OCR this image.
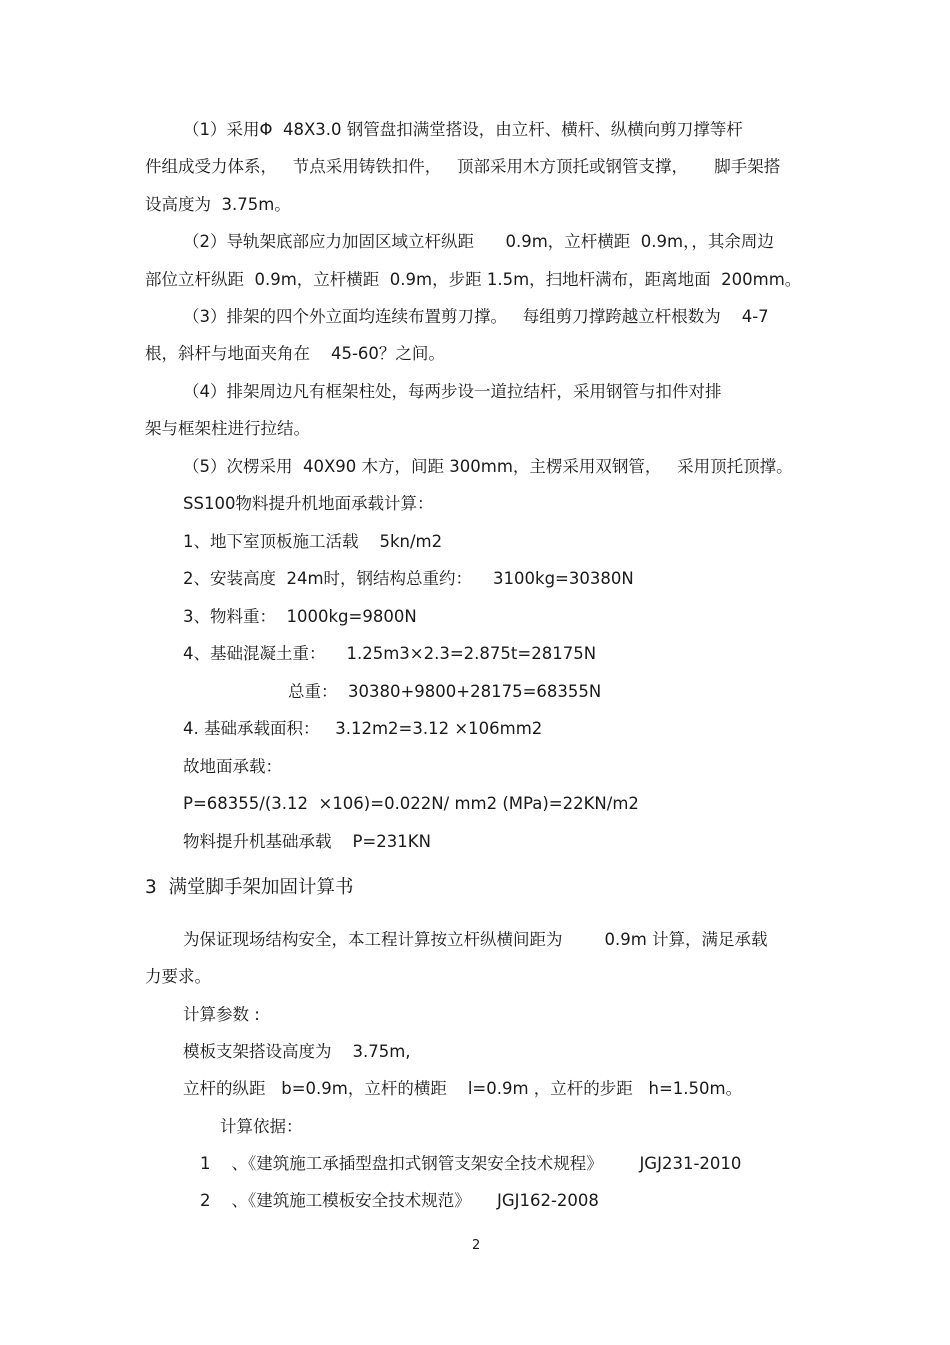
（1）采用Φ  48X3.0 钢管盘扣满堂搭设，由立杆、横杆、纵横向剪刀撑等杆
件组成受力体系，   节点采用铸铁扣件，   顶部采用木方顶托或钢管支撑，     脚手架搭
设高度为  3.75m。
（2）导轨架底部应力加固区域立杆纵距      0.9m，立杆横距  0.9m，，其余周边
部位立杆纵距  0.9m，立杆横距  0.9m，步距 1.5m，扫地杆满布，距离地面  200mm。
（3）排架的四个外立面均连续布置剪刀撑。   每组剪刀撑跨越立杆根数为    4-7
根，斜杆与地面夹角在    45-60？之间。
（4）排架周边凡有框架柱处，每两步设一道拉结杆，采用钢管与扣件对排
架与框架柱进行拉结。
（5）次楞采用  40X90 木方，间距 300mm，主楞采用双钢管，   采用顶托顶撑。
SS100物料提升机地面承载计算：
1、地下室顶板施工活载    5kn/m2
2、安装高度  24m时，钢结构总重约：    3100kg=30380N
3、物料重：  1000kg=9800N
4、基础混凝土重：    1.25m3×2.3=2.875t=28175N
总重：  30380+9800+28175=68355N
4. 基础承载面积：   3.12m2=3.12 ×106mm2
故地面承载：
P=68355/(3.12  ×106)=0.022N/ mm2 (MPa)=22KN/m2
物料提升机基础承载    P=231KN
3  满堂脚手架加固计算书
为保证现场结构安全，本工程计算按立杆纵横间距为        0.9m 计算，满足承载
力要求。
计算参数 :
模板支架搭设高度为    3.75m,
立杆的纵距   b=0.9m，立杆的横距    l=0.9m ，立杆的步距   h=1.50m。
计算依据：
1    、《建筑施工承插型盘扣式钢管支架安全技术规程》       JGJ231-2010
2    、《建筑施工模板安全技术规范》     JGJ162-2008
2
